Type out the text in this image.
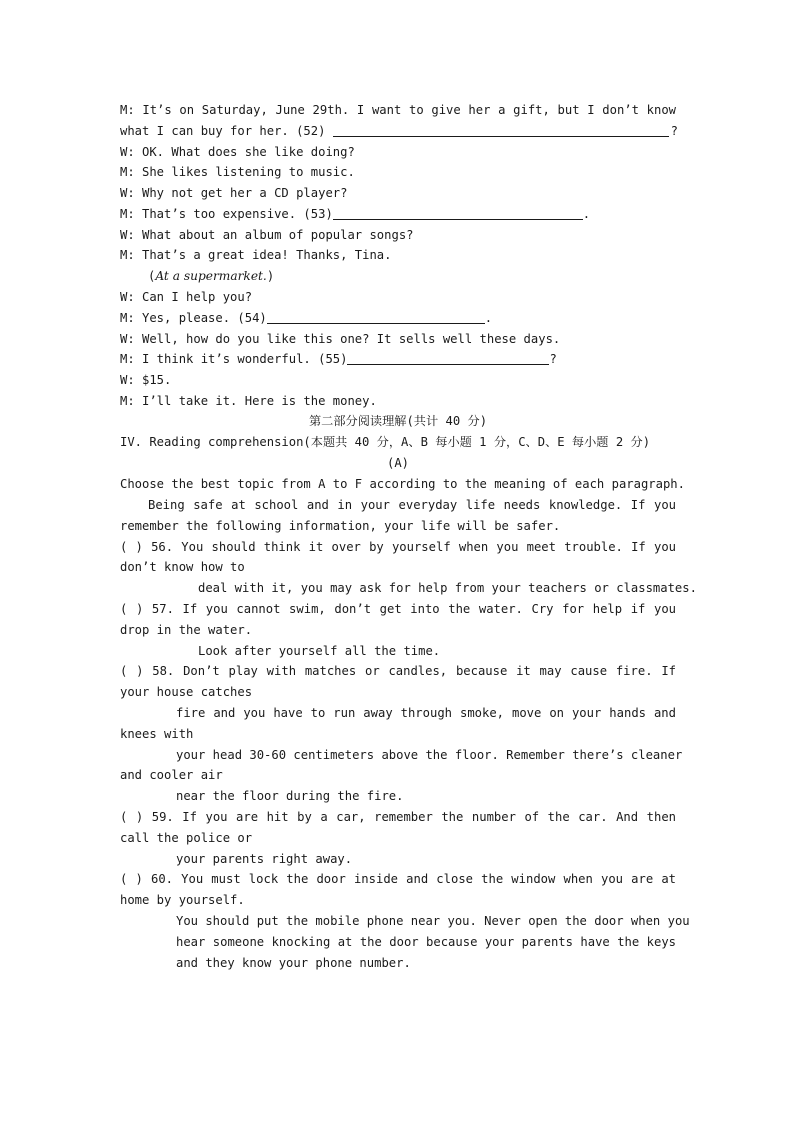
M: It’s on Saturday, June 29th. I want to give her a gift, but I don’t know
what I can buy for her. (52)	?
W: OK. What does she like doing?
M: She likes listening to music.
W: Why not get her a CD player?
M: That’s too expensive. (53)	.
W: What about an album of popular songs?
M: That’s a great idea! Thanks, Tina.
(At a supermarket.)
W: Can I help you?
M: Yes, please. (54)	.
W: Well, how do you like this one? It sells well these days.
M: I think it’s wonderful. (55)	?
W: $15.
M: I’ll take it. Here is the money.
第二部分阅读理解(共计 40 分)
IV. Reading comprehension(本题共 40 分，A、B 每小题 1 分，C、D、E 每小题 2 分)
(A)
Choose the best topic from A to F according to the meaning of each paragraph.
Being safe at school and in your everyday life needs knowledge. If you
remember the following information, your life will be safer.
( ) 56. You should think it over by yourself when you meet trouble. If you
don’t know how to
deal with it, you may ask for help from your teachers or classmates.
( ) 57. If you cannot swim, don’t get into the water. Cry for help if you
drop in the water.
Look after yourself all the time.
( ) 58. Don’t play with matches or candles, because it may cause fire. If
your house catches
fire and you have to run away through smoke, move on your hands and
knees with
your head 30-60 centimeters above the floor. Remember there’s cleaner
and cooler air
near the floor during the fire.
( ) 59. If you are hit by a car, remember the number of the car. And then
call the police or
your parents right away.
( ) 60. You must lock the door inside and close the window when you are at
home by yourself.
You should put the mobile phone near you. Never open the door when you
hear someone knocking at the door because your parents have the keys
and they know your phone number.
